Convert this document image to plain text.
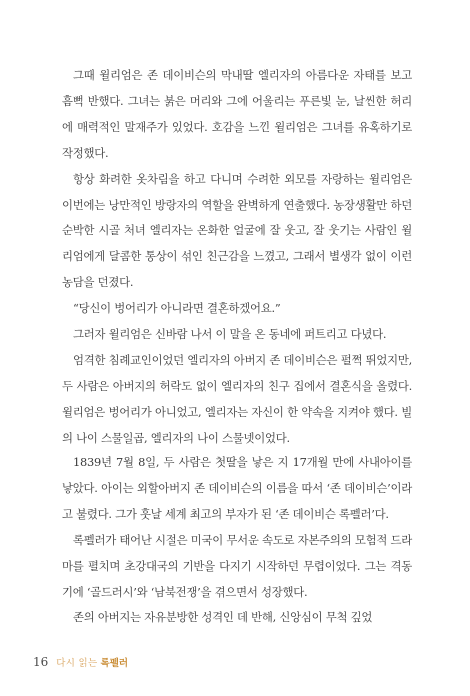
그때 윌리엄은 존 데이비슨의 막내딸 엘리자의 아름다운 자태를 보고 흠뻑 반했다. 그녀는 붉은 머리와 그에 어울리는 푸른빛 눈, 날씬한 허리에 매력적인 말재주가 있었다. 호감을 느낀 윌리엄은 그녀를 유혹하기로 작정했다.

항상 화려한 옷차림을 하고 다니며 수려한 외모를 자랑하는 윌리엄은 이번에는 낭만적인 방랑자의 역할을 완벽하게 연출했다. 농장생활만 하던 순박한 시골 처녀 엘리자는 온화한 얼굴에 잘 웃고, 잘 웃기는 사람인 윌리엄에게 달콤한 통상이 섞인 친근감을 느꼈고, 그래서 별생각 없이 이런 농담을 던졌다.

“당신이 벙어리가 아니라면 결혼하겠어요.”

그러자 윌리엄은 신바람 나서 이 말을 온 동네에 퍼트리고 다녔다.

엄격한 침례교인이었던 엘리자의 아버지 존 데이비슨은 펄쩍 뛰었지만, 두 사람은 아버지의 허락도 없이 엘리자의 친구 집에서 결혼식을 올렸다. 윌리엄은 벙어리가 아니었고, 엘리자는 자신이 한 약속을 지켜야 했다. 빌의 나이 스물일곱, 엘리자의 나이 스물넷이었다.

1839년 7월 8일, 두 사람은 첫딸을 낳은 지 17개월 만에 사내아이를 낳았다. 아이는 외할아버지 존 데이비슨의 이름을 따서 ‘존 데이비슨’이라고 불렸다. 그가 훗날 세계 최고의 부자가 된 ‘존 데이비슨 록펠러’다.

록펠러가 태어난 시절은 미국이 무서운 속도로 자본주의의 모험적 드라마를 펼치며 초강대국의 기반을 다지기 시작하던 무렵이었다. 그는 격동기에 ‘골드러시’와 ‘남북전쟁’을 겪으면서 성장했다.

존의 아버지는 자유분방한 성격인 데 반해, 신앙심이 무척 깊었

16 다시 읽는 록펠러
